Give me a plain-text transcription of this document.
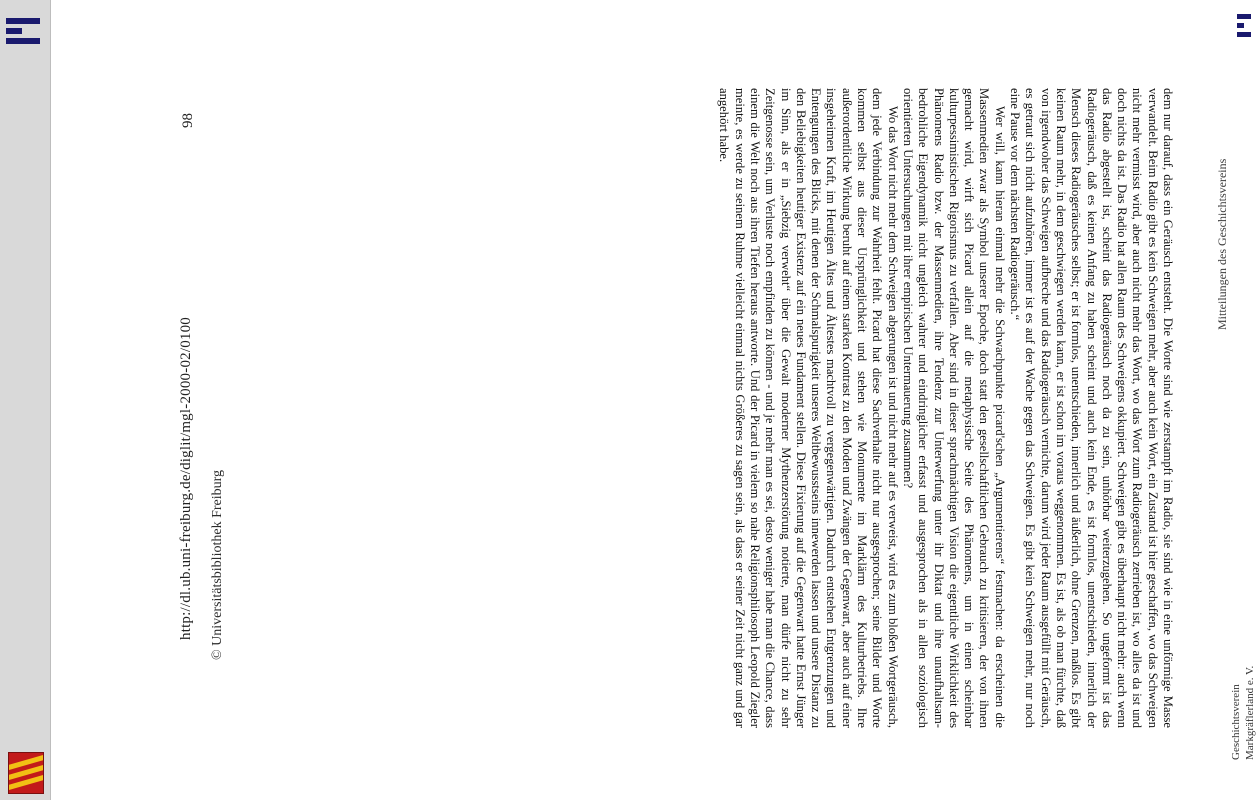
http://dl.ub.uni-freiburg.de/diglit/mgl-2000-02/0100 © Universitätsbibliothek Freiburg
98
Mitteilungen des Geschichtsvereins
Geschichtsverein Markgräflerland e. V.

dem nur darauf, dass ein Geräusch entsteht. Die Worte sind wie zerstampft im Radio, sie sind wie in eine unförmige Masse verwandelt. Beim Radio gibt es kein Schweigen mehr, aber auch kein Wort, ein Zustand ist hier geschaffen, wo das Schweigen nicht mehr vermisst wird, aber auch nicht mehr das Wort, wo das Wort zum Radiogeräusch zerrieben ist, wo alles da ist und doch nichts da ist. Das Radio hat allen Raum des Schweigens okkupiert. Schweigen gibt es überhaupt nicht mehr: auch wenn das Radio abgestellt ist, scheint das Radiogeräusch noch da zu sein, unhörbar weiterzugehen. So ungeformt ist das Radiogeräusch, daß es keinen Anfang zu haben scheint und auch kein Ende, es ist formlos, unentschieden, innerlich der Mensch dieses Radiogeräusches selbst; er ist formlos, unentschieden, innerlich und äußerlich, ohne Grenzen, maßlos. Es gibt keinen Raum mehr, in dem geschwiegen werden kann, er ist schon im voraus weggenommen. Es ist, als ob man fürchte, daß von irgendwoher das Schweigen aufbreche und das Radiogeräusch vernichte, darum wird jeder Raum ausgefüllt mit Geräusch, es getraut sich nicht aufzuhören, immer ist es auf der Wache gegen das Schweigen. Es gibt kein Schweigen mehr, nur noch eine Pause vor dem nächsten Radiogeräusch.“

Wer will, kann hieran einmal mehr die Schwachpunkte picard'schen „Argumentierens“ festmachen: da erscheinen die Massenmedien zwar als Symbol unserer Epoche, doch statt den gesellschaftlichen Gebrauch zu kritisieren, der von ihnen gemacht wird, wirft sich Picard allein auf die metaphysische Seite des Phänomens, um in einen scheinbar kulturpessimistischen Rigorismus zu verfallen. Aber sind in dieser sprachmächtigen Vision die eigentliche Wirklichkeit des Phänomens Radio bzw. der Massenmedien, ihre Tendenz zur Unterwerfung unter ihr Diktat und ihre unaufhaltsam-bedrohliche Eigendynamik nicht ungleich wahrer und eindringlicher erfasst und ausgesprochen als in allen soziologisch orientierten Untersuchungen mit ihrer empirischen Untermauerung zusammen?

Wo das Wort nicht mehr dem Schweigen abgerungen ist und nicht mehr auf es verweist, wird es zum bloßen Wortgeräusch, dem jede Verbindung zur Wahrheit fehlt. Picard hat diese Sachverhalte nicht nur ausgesprochen; seine Bilder und Worte kommen selbst aus dieser Ursprünglichkeit und stehen wie Monumente im Marklärm des Kulturbetriebs. Ihre außerordentliche Wirkung beruht auf einem starken Kontrast zu den Moden und Zwängen der Gegenwart, aber auch auf einer insgeheimen Kraft, im Heutigen Ältes und Ältestes machtvoll zu vergegenwärtigen. Dadurch entstehen Entgrenzungen und Entengungen des Blicks, mit denen der Schmalspurigkeit unseres Weltbewusstseins innewerden lassen und unsere Distanz zu den Beliebigkeiten heutiger Existenz auf ein neues Fundament stellen. Diese Fixierung auf die Gegenwart hatte Ernst Jünger im Sinn, als er in „Siebzig verweht“ über die Gewalt moderner Mythenzerstörung notierte, man dürfe nicht zu sehr Zeitgenosse sein, um Verluste noch empfinden zu können - und je mehr man es sei, desto weniger habe man die Chance, dass einem die Welt noch aus ihren Tiefen heraus antworte. Und der Picard in vielem so nahe Religionsphilosoph Leopold Ziegler meinte, es werde zu seinem Ruhme vielleicht einmal nichts Größeres zu sagen sein, als dass er seiner Zeit nicht ganz und gar angehört habe.
